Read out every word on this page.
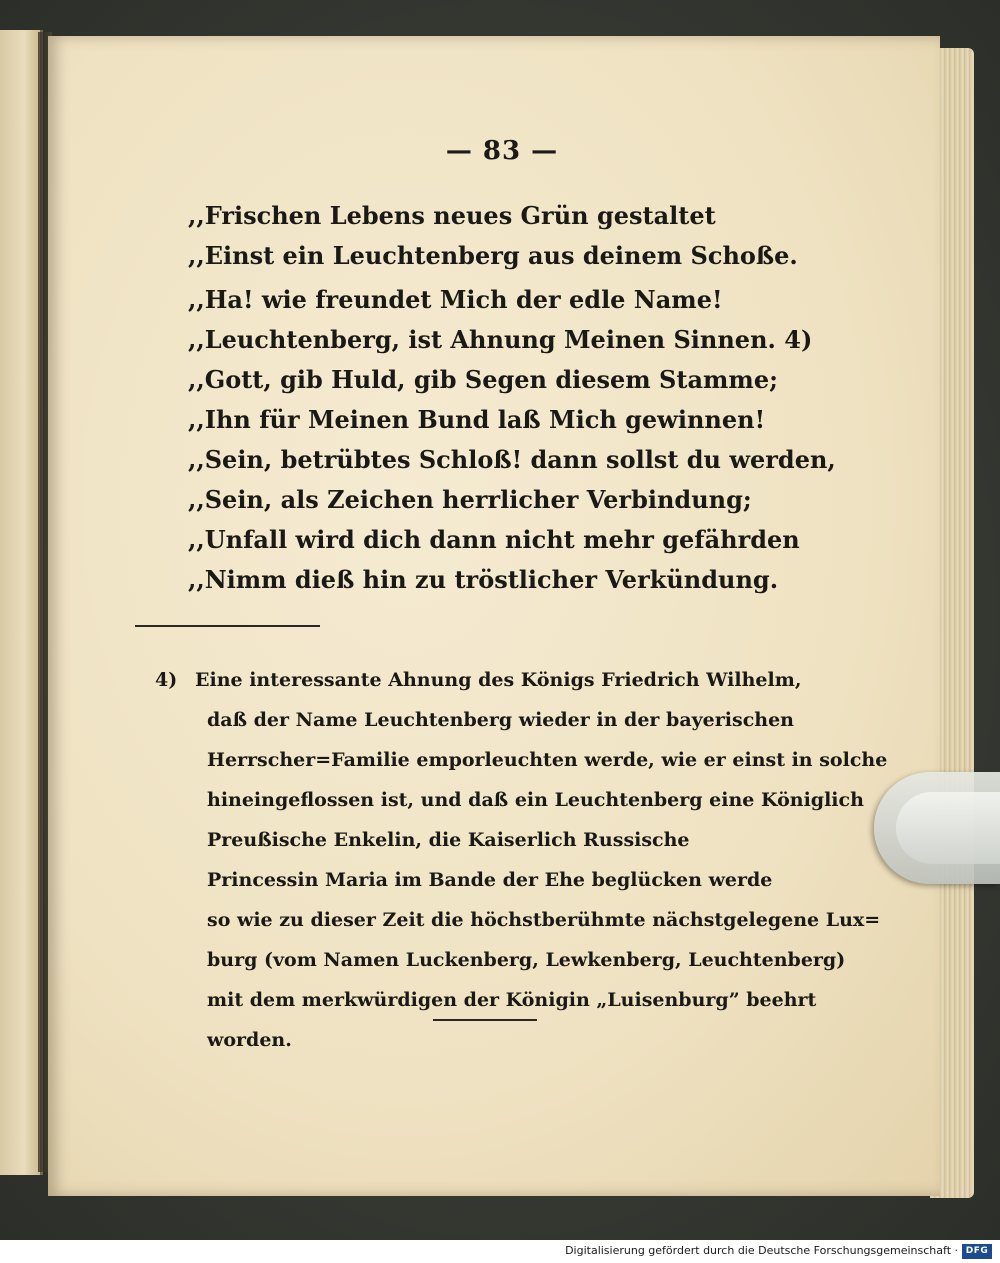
— 83 —
,,Frischen Lebens neues Grün gestaltet
,,Einst ein Leuchtenberg aus deinem Schoße.
,,Ha! wie freundet Mich der edle Name!
,,Leuchtenberg, ist Ahnung Meinen Sinnen. 4)
,,Gott, gib Huld, gib Segen diesem Stamme;
,,Ihn für Meinen Bund laß Mich gewinnen!
,,Sein, betrübtes Schloß! dann sollst du werden,
,,Sein, als Zeichen herrlicher Verbindung;
,,Unfall wird dich dann nicht mehr gefährden
,,Nimm dieß hin zu tröstlicher Verkündung.
4) Eine interessante Ahnung des Königs Friedrich Wilhelm,
daß der Name Leuchtenberg wieder in der bayerischen
Herrscher=Familie emporleuchten werde, wie er einst in solche
hineingeflossen ist, und daß ein Leuchtenberg eine Königlich
Preußische Enkelin, die Kaiserlich Russische
Princessin Maria im Bande der Ehe beglücken werde
so wie zu dieser Zeit die höchstberühmte nächstgelegene Lux=
burg (vom Namen Luckenberg, Lewkenberg, Leuchtenberg)
mit dem merkwürdigen der Königin „Luisenburg” beehrt
worden.
Digitalisierung gefördert durch die Deutsche Forschungsgemeinschaft · DFG
